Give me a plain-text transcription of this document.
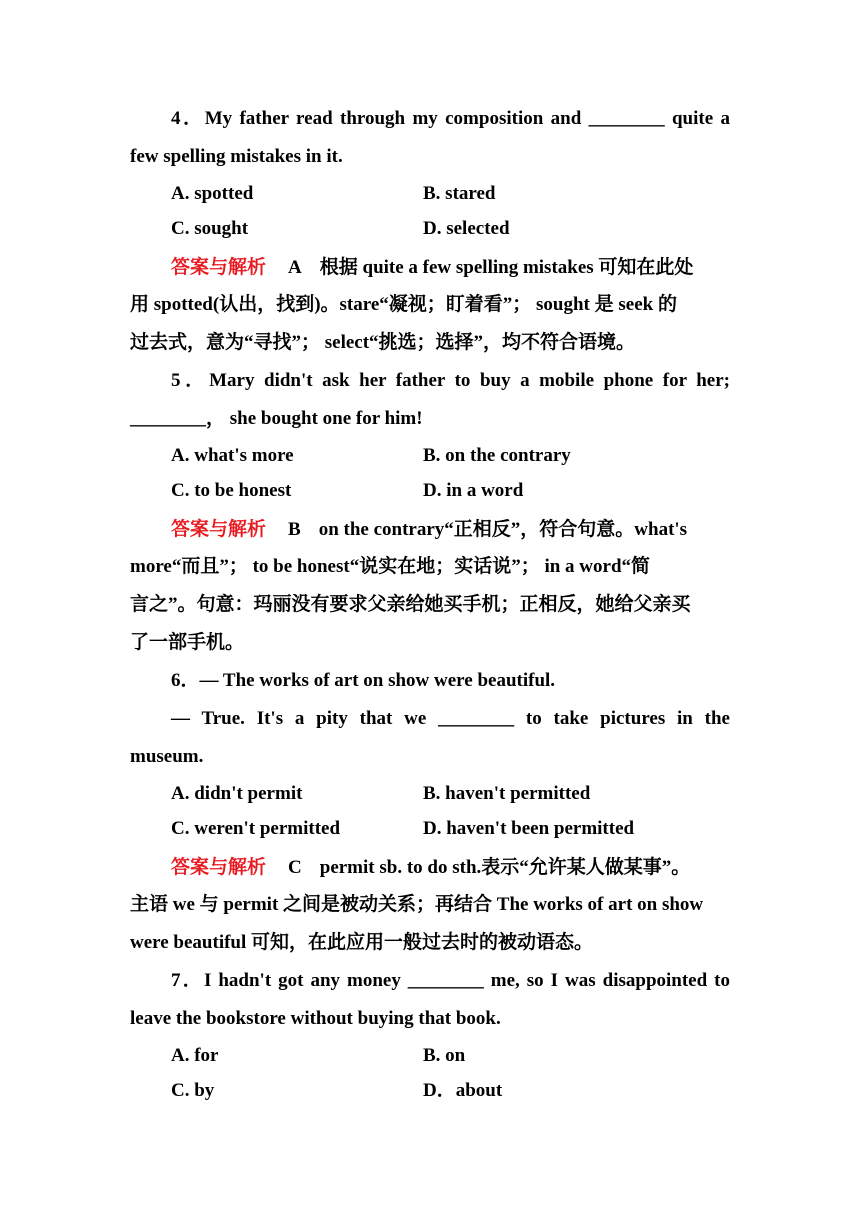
4．My father read through my composition and ________ quite a
few spelling mistakes in it.
A. spotted	B. stared
C. sought	D. selected
答案与解析 A 根据 quite a few spelling mistakes 可知在此处
用 spotted(认出，找到)。stare“凝视；盯着看”； sought 是 seek 的
过去式，意为“寻找”； select“挑选；选择”，均不符合语境。
5．Mary didn't ask her father to buy a mobile phone for her;
________， she bought one for him!
A. what's more	B. on the contrary
C. to be honest	D. in a word
答案与解析 B on the contrary“正相反”，符合句意。what's
more“而且”； to be honest“说实在地；实话说”； in a word“简
言之”。句意：玛丽没有要求父亲给她买手机；正相反，她给父亲买
了一部手机。
6．— The works of art on show were beautiful.
— True. It's a pity that we ________ to take pictures in the
museum.
A. didn't permit	B. haven't permitted
C. weren't permitted	D. haven't been permitted
答案与解析 C permit sb. to do sth.表示“允许某人做某事”。
主语 we 与 permit 之间是被动关系；再结合 The works of art on show
were beautiful 可知，在此应用一般过去时的被动语态。
7．I hadn't got any money ________ me, so I was disappointed to
leave the bookstore without buying that book.
A. for	B. on
C. by	D．about
